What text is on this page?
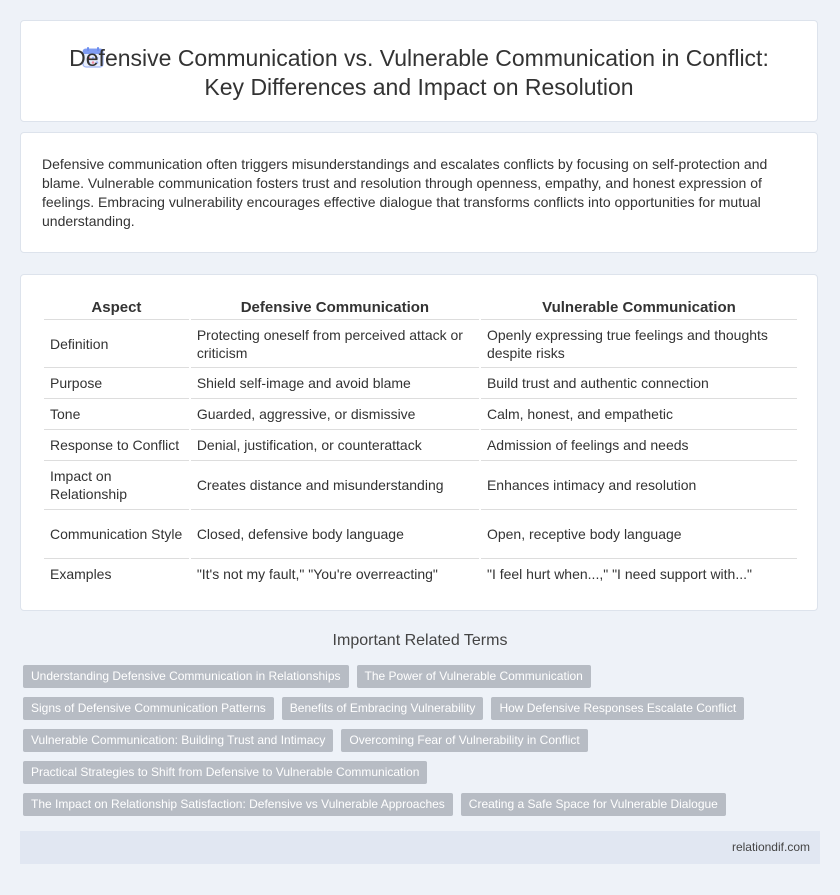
Defensive Communication vs. Vulnerable Communication in Conflict: Key Differences and Impact on Resolution

Defensive communication often triggers misunderstandings and escalates conflicts by focusing on self-protection and blame. Vulnerable communication fosters trust and resolution through openness, empathy, and honest expression of feelings. Embracing vulnerability encourages effective dialogue that transforms conflicts into opportunities for mutual understanding.

Aspect	Defensive Communication	Vulnerable Communication
Definition	Protecting oneself from perceived attack or criticism	Openly expressing true feelings and thoughts despite risks
Purpose	Shield self-image and avoid blame	Build trust and authentic connection
Tone	Guarded, aggressive, or dismissive	Calm, honest, and empathetic
Response to Conflict	Denial, justification, or counterattack	Admission of feelings and needs
Impact on Relationship	Creates distance and misunderstanding	Enhances intimacy and resolution
Communication Style	Closed, defensive body language	Open, receptive body language
Examples	"It's not my fault," "You're overreacting"	"I feel hurt when...," "I need support with..."
Important Related Terms
Understanding Defensive Communication in Relationships	The Power of Vulnerable Communication
Signs of Defensive Communication Patterns	Benefits of Embracing Vulnerability	How Defensive Responses Escalate Conflict
Vulnerable Communication: Building Trust and Intimacy	Overcoming Fear of Vulnerability in Conflict
Practical Strategies to Shift from Defensive to Vulnerable Communication
The Impact on Relationship Satisfaction: Defensive vs Vulnerable Approaches	Creating a Safe Space for Vulnerable Dialogue
relationdif.com
